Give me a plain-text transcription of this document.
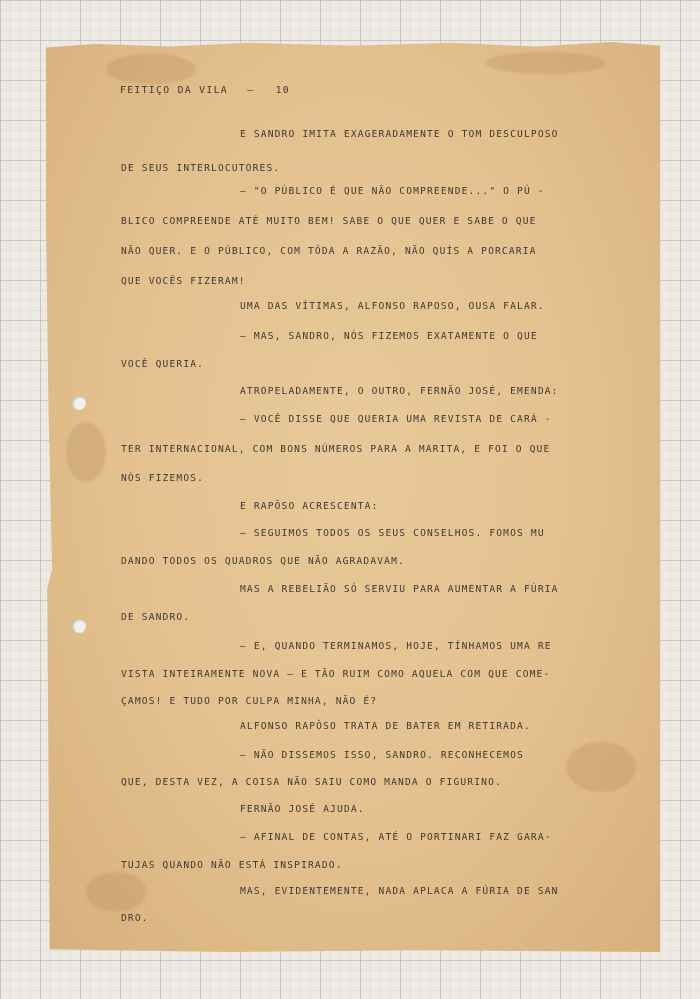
FEITIÇO DA VILA — 10
E SANDRO IMITA EXAGERADAMENTE O TOM DESCULPOSO
DE SEUS INTERLOCUTORES.
— "O PÚBLICO É QUE NÃO COMPREENDE..." O PÚ -
BLICO COMPREENDE ATÉ MUITO BEM! SABE O QUE QUER E SABE O QUE
NÃO QUER. E O PÚBLICO, COM TÔDA A RAZÃO, NÃO QUÍS A PORCARIA
QUE VOCÊS FIZERAM!
UMA DAS VÍTIMAS, ALFONSO RAPOSO, OUSA FALAR.
— MAS, SANDRO, NÓS FIZEMOS EXATAMENTE O QUE
VOCÊ QUERIA.
ATROPELADAMENTE, O OUTRO, FERNÃO JOSÉ, EMENDA:
— VOCÊ DISSE QUE QUERIA UMA REVISTA DE CARÁ -
TER INTERNACIONAL, COM BONS NÚMEROS PARA A MARITA, E FOI O QUE
NÓS FIZEMOS.
E RAPÔSO ACRESCENTA:
— SEGUIMOS TODOS OS SEUS CONSELHOS. FOMOS MU
DANDO TODOS OS QUADROS QUE NÃO AGRADAVAM.
MAS A REBELIÃO SÓ SERVIU PARA AUMENTAR A FÚRIA
DE SANDRO.
— E, QUANDO TERMINAMOS, HOJE, TÍNHAMOS UMA RE
VISTA INTEIRAMENTE NOVA — E TÃO RUIM COMO AQUELA COM QUE COME-
ÇAMOS! E TUDO POR CULPA MINHA, NÃO É?
ALFONSO RAPÔSO TRATA DE BATER EM RETIRADA.
— NÃO DISSEMOS ISSO, SANDRO. RECONHECEMOS
QUE, DESTA VEZ, A COISA NÃO SAIU COMO MANDA O FIGURINO.
FERNÃO JOSÉ AJUDA.
— AFINAL DE CONTAS, ATÉ O PORTINARI FAZ GARA-
TUJAS QUANDO NÃO ESTÁ INSPIRADO.
MAS, EVIDENTEMENTE, NADA APLACA A FÚRIA DE SAN
DRO.
